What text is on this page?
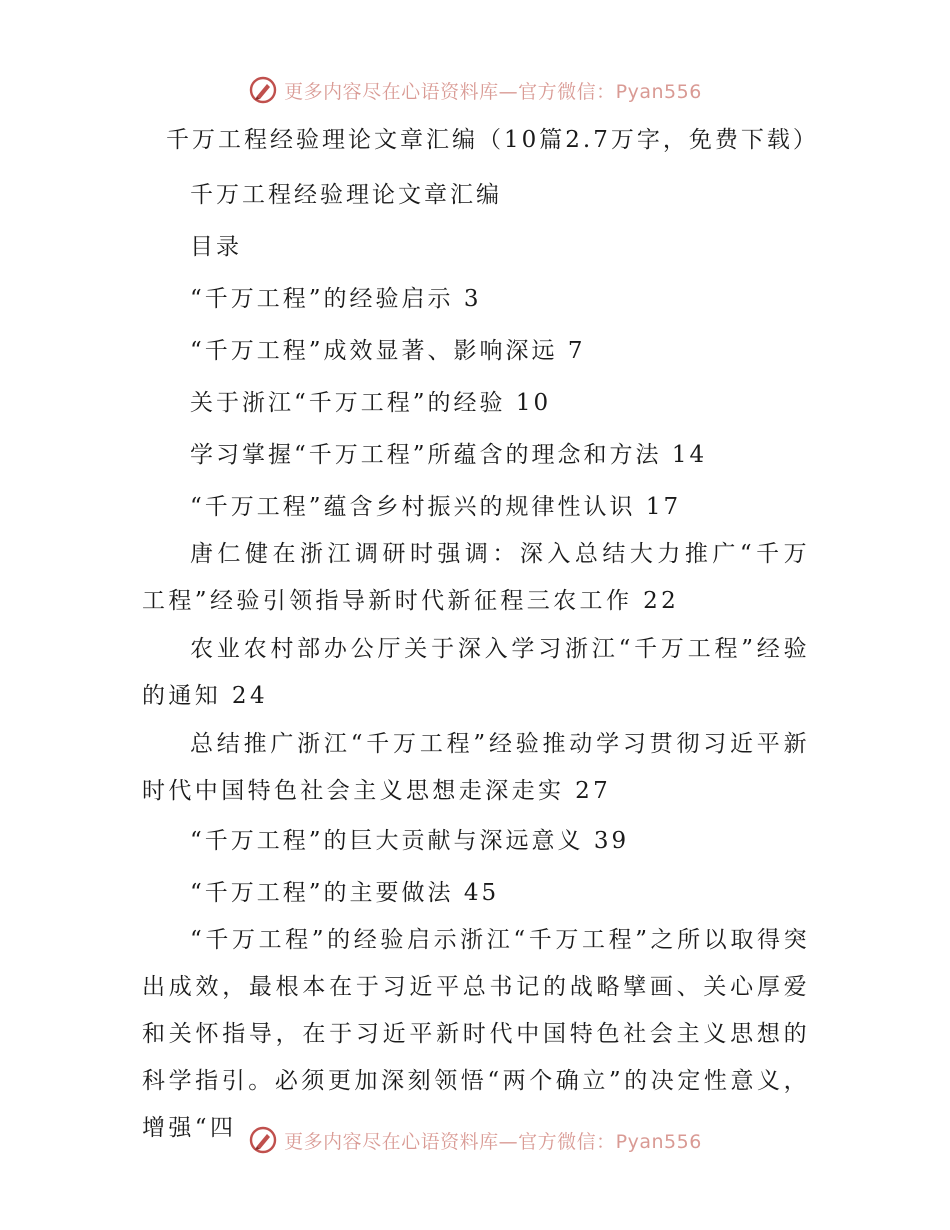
更多内容尽在心语资料库—官方微信：Pyan556
千万工程经验理论文章汇编（10篇2.7万字，免费下载）
千万工程经验理论文章汇编
目录
“千万工程”的经验启示 3
“千万工程”成效显著、影响深远 7
关于浙江“千万工程”的经验 10
学习掌握“千万工程”所蕴含的理念和方法 14
“千万工程”蕴含乡村振兴的规律性认识 17
唐仁健在浙江调研时强调：深入总结大力推广“千万工程”经验引领指导新时代新征程三农工作 22
农业农村部办公厅关于深入学习浙江“千万工程”经验的通知 24
总结推广浙江“千万工程”经验推动学习贯彻习近平新时代中国特色社会主义思想走深走实 27
“千万工程”的巨大贡献与深远意义 39
“千万工程”的主要做法 45
“千万工程”的经验启示浙江“千万工程”之所以取得突出成效，最根本在于习近平总书记的战略擘画、关心厚爱和关怀指导，在于习近平新时代中国特色社会主义思想的科学指引。必须更加深刻领悟“两个确立”的决定性意义，增强“四
更多内容尽在心语资料库—官方微信：Pyan556
